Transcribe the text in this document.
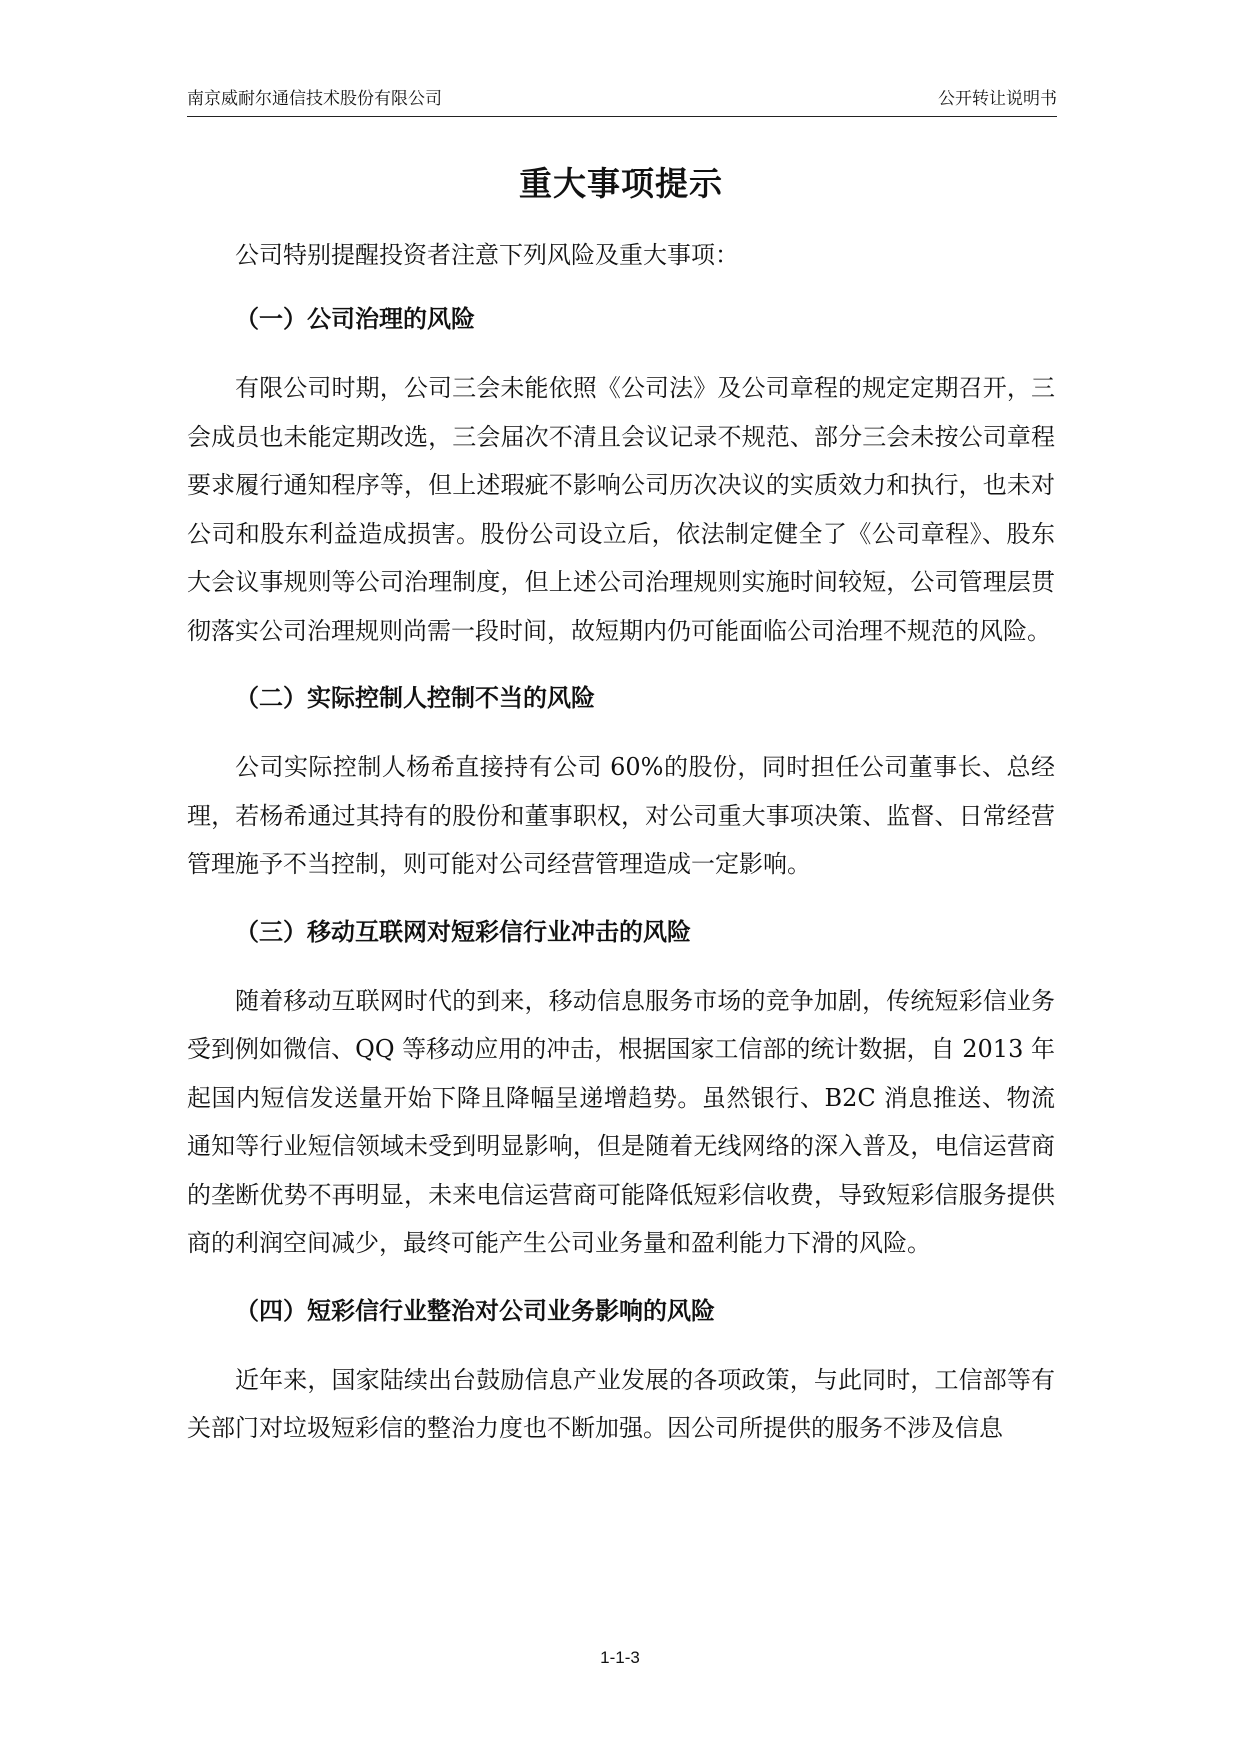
南京威耐尔通信技术股份有限公司	公开转让说明书
重大事项提示

公司特别提醒投资者注意下列风险及重大事项：

（一）公司治理的风险

有限公司时期，公司三会未能依照《公司法》及公司章程的规定定期召开，三会成员也未能定期改选，三会届次不清且会议记录不规范、部分三会未按公司章程要求履行通知程序等，但上述瑕疵不影响公司历次决议的实质效力和执行，也未对公司和股东利益造成损害。股份公司设立后，依法制定健全了《公司章程》、股东大会议事规则等公司治理制度，但上述公司治理规则实施时间较短，公司管理层贯彻落实公司治理规则尚需一段时间，故短期内仍可能面临公司治理不规范的风险。

（二）实际控制人控制不当的风险

公司实际控制人杨希直接持有公司 60%的股份，同时担任公司董事长、总经理，若杨希通过其持有的股份和董事职权，对公司重大事项决策、监督、日常经营管理施予不当控制，则可能对公司经营管理造成一定影响。

（三）移动互联网对短彩信行业冲击的风险

随着移动互联网时代的到来，移动信息服务市场的竞争加剧，传统短彩信业务受到例如微信、QQ 等移动应用的冲击，根据国家工信部的统计数据，自 2013 年起国内短信发送量开始下降且降幅呈递增趋势。虽然银行、B2C 消息推送、物流通知等行业短信领域未受到明显影响，但是随着无线网络的深入普及，电信运营商的垄断优势不再明显，未来电信运营商可能降低短彩信收费，导致短彩信服务提供商的利润空间减少，最终可能产生公司业务量和盈利能力下滑的风险。

（四）短彩信行业整治对公司业务影响的风险

近年来，国家陆续出台鼓励信息产业发展的各项政策，与此同时，工信部等有关部门对垃圾短彩信的整治力度也不断加强。因公司所提供的服务不涉及信息

1-1-3
